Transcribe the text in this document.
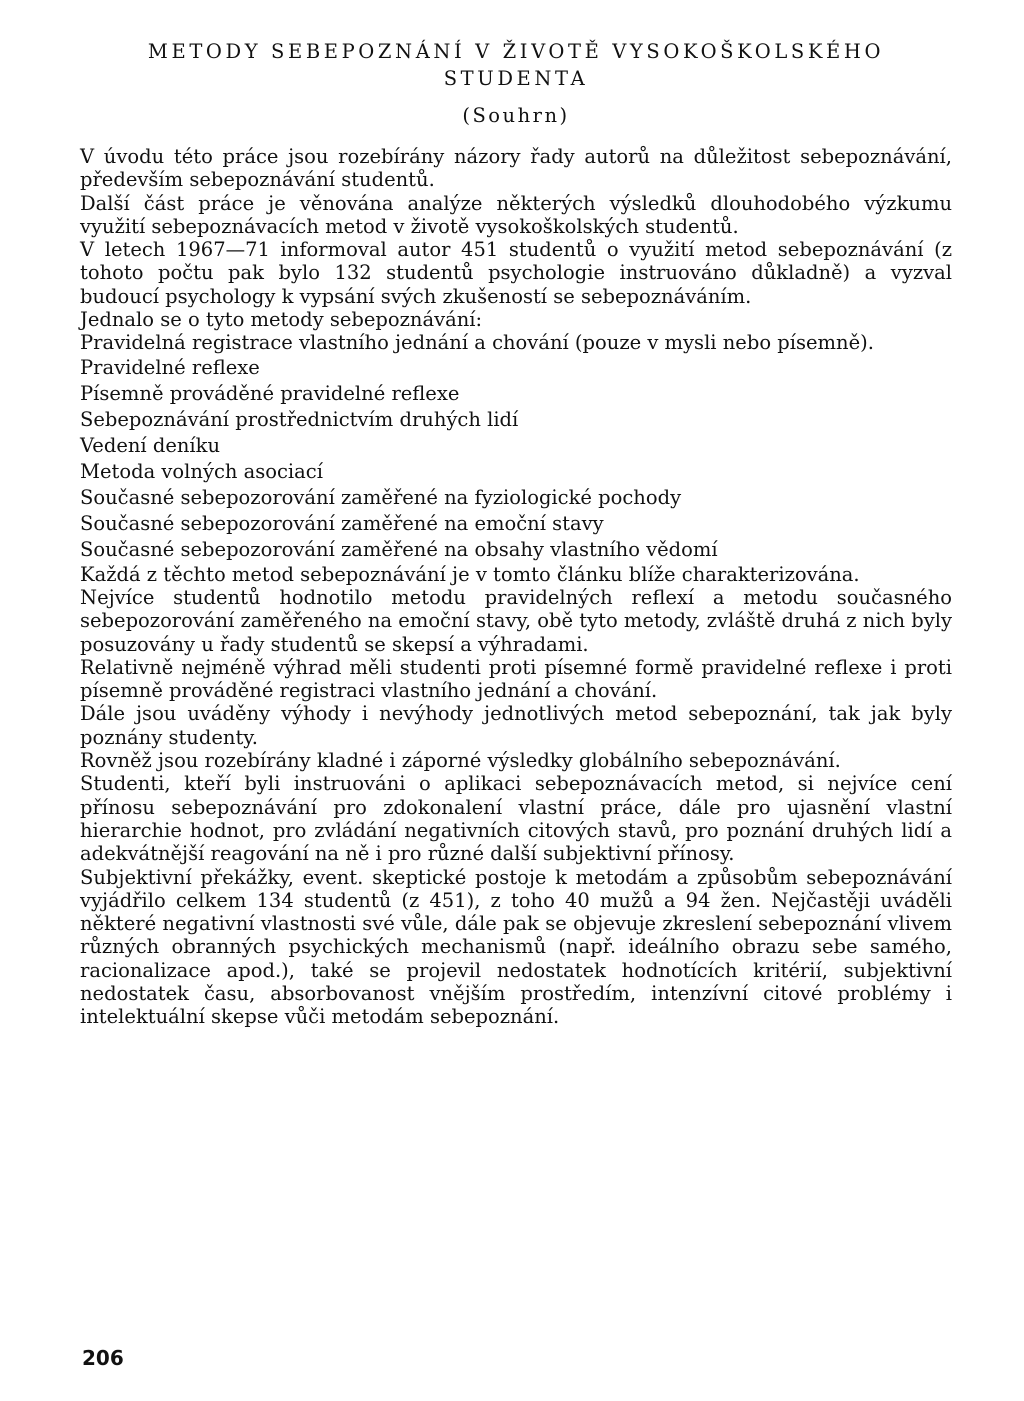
METODY SEBEPOZNÁNÍ V ŽIVOTĚ VYSOKOŠKOLSKÉHO
STUDENTA
(Souhrn)

V úvodu této práce jsou rozebírány názory řady autorů na důležitost sebepoznávání, především sebepoznávání studentů.

Další část práce je věnována analýze některých výsledků dlouhodobého výzkumu využití sebepoznávacích metod v životě vysokoškolských studentů.

V letech 1967—71 informoval autor 451 studentů o využití metod sebepoznávání (z tohoto počtu pak bylo 132 studentů psychologie instruováno důkladně) a vyzval budoucí psychology k vypsání svých zkušeností se sebepoznáváním.

Jednalo se o tyto metody sebepoznávání:

Pravidelná registrace vlastního jednání a chování (pouze v mysli nebo písemně).

Pravidelné reflexe
Písemně prováděné pravidelné reflexe
Sebepoznávání prostřednictvím druhých lidí
Vedení deníku
Metoda volných asociací
Současné sebepozorování zaměřené na fyziologické pochody
Současné sebepozorování zaměřené na emoční stavy
Současné sebepozorování zaměřené na obsahy vlastního vědomí

Každá z těchto metod sebepoznávání je v tomto článku blíže charakterizována.

Nejvíce studentů hodnotilo metodu pravidelných reflexí a metodu současného sebepozorování zaměřeného na emoční stavy, obě tyto metody, zvláště druhá z nich byly posuzovány u řady studentů se skepsí a výhradami.

Relativně nejméně výhrad měli studenti proti písemné formě pravidelné reflexe i proti písemně prováděné registraci vlastního jednání a chování.

Dále jsou uváděny výhody i nevýhody jednotlivých metod sebepoznání, tak jak byly poznány studenty.

Rovněž jsou rozebírány kladné i záporné výsledky globálního sebepoznávání.

Studenti, kteří byli instruováni o aplikaci sebepoznávacích metod, si nejvíce cení přínosu sebepoznávání pro zdokonalení vlastní práce, dále pro ujasnění vlastní hierarchie hodnot, pro zvládání negativních citových stavů, pro poznání druhých lidí a adekvátnější reagování na ně i pro různé další subjektivní přínosy.

Subjektivní překážky, event. skeptické postoje k metodám a způsobům sebepoznávání vyjádřilo celkem 134 studentů (z 451), z toho 40 mužů a 94 žen. Nejčastěji uváděli některé negativní vlastnosti své vůle, dále pak se objevuje zkreslení sebepoznání vlivem různých obranných psychických mechanismů (např. ideálního obrazu sebe samého, racionalizace apod.), také se projevil nedostatek hodnotících kritérií, subjektivní nedostatek času, absorbovanost vnějším prostředím, intenzívní citové problémy i intelektuální skepse vůči metodám sebepoznání.

206
